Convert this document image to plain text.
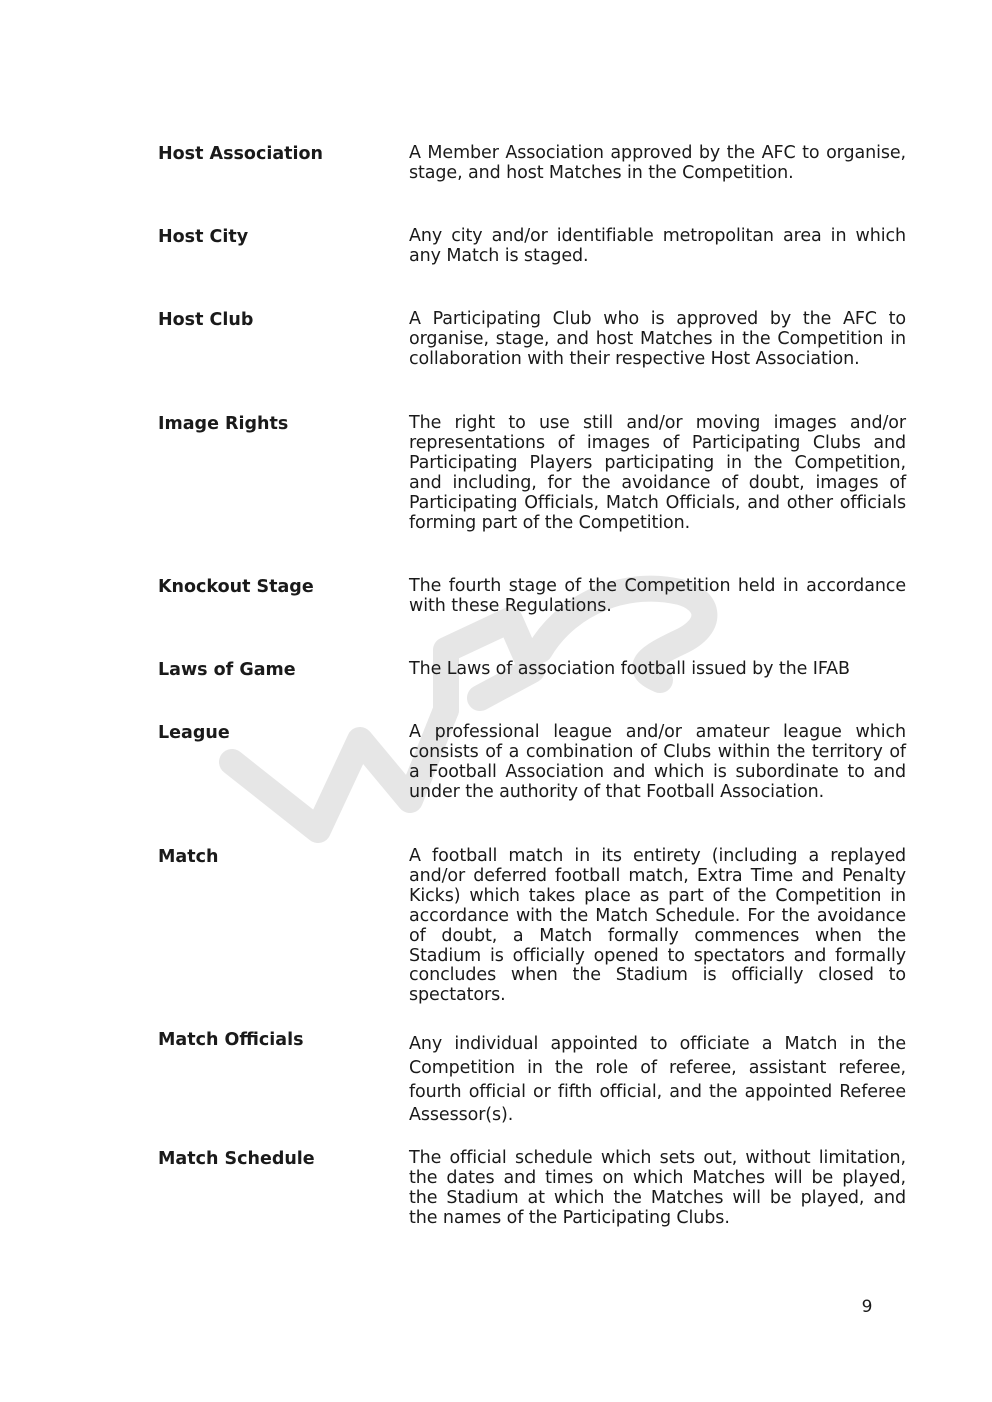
Host Association	A Member Association approved by the AFC to organise, stage, and host Matches in the Competition.
Host City	Any city and/or identifiable metropolitan area in which any Match is staged.
Host Club	A Participating Club who is approved by the AFC to organise, stage, and host Matches in the Competition in collaboration with their respective Host Association.
Image Rights	The right to use still and/or moving images and/or representations of images of Participating Clubs and Participating Players participating in the Competition, and including, for the avoidance of doubt, images of Participating Officials, Match Officials, and other officials forming part of the Competition.
Knockout Stage	The fourth stage of the Competition held in accordance with these Regulations.
Laws of Game	The Laws of association football issued by the IFAB
League	A professional league and/or amateur league which consists of a combination of Clubs within the territory of a Football Association and which is subordinate to and under the authority of that Football Association.
Match	A football match in its entirety (including a replayed and/or deferred football match, Extra Time and Penalty Kicks) which takes place as part of the Competition in accordance with the Match Schedule. For the avoidance of doubt, a Match formally commences when the Stadium is officially opened to spectators and formally concludes when the Stadium is officially closed to spectators.
Match Officials	Any individual appointed to officiate a Match in the Competition in the role of referee, assistant referee, fourth official or fifth official, and the appointed Referee Assessor(s).
Match Schedule	The official schedule which sets out, without limitation, the dates and times on which Matches will be played, the Stadium at which the Matches will be played, and the names of the Participating Clubs.
9
